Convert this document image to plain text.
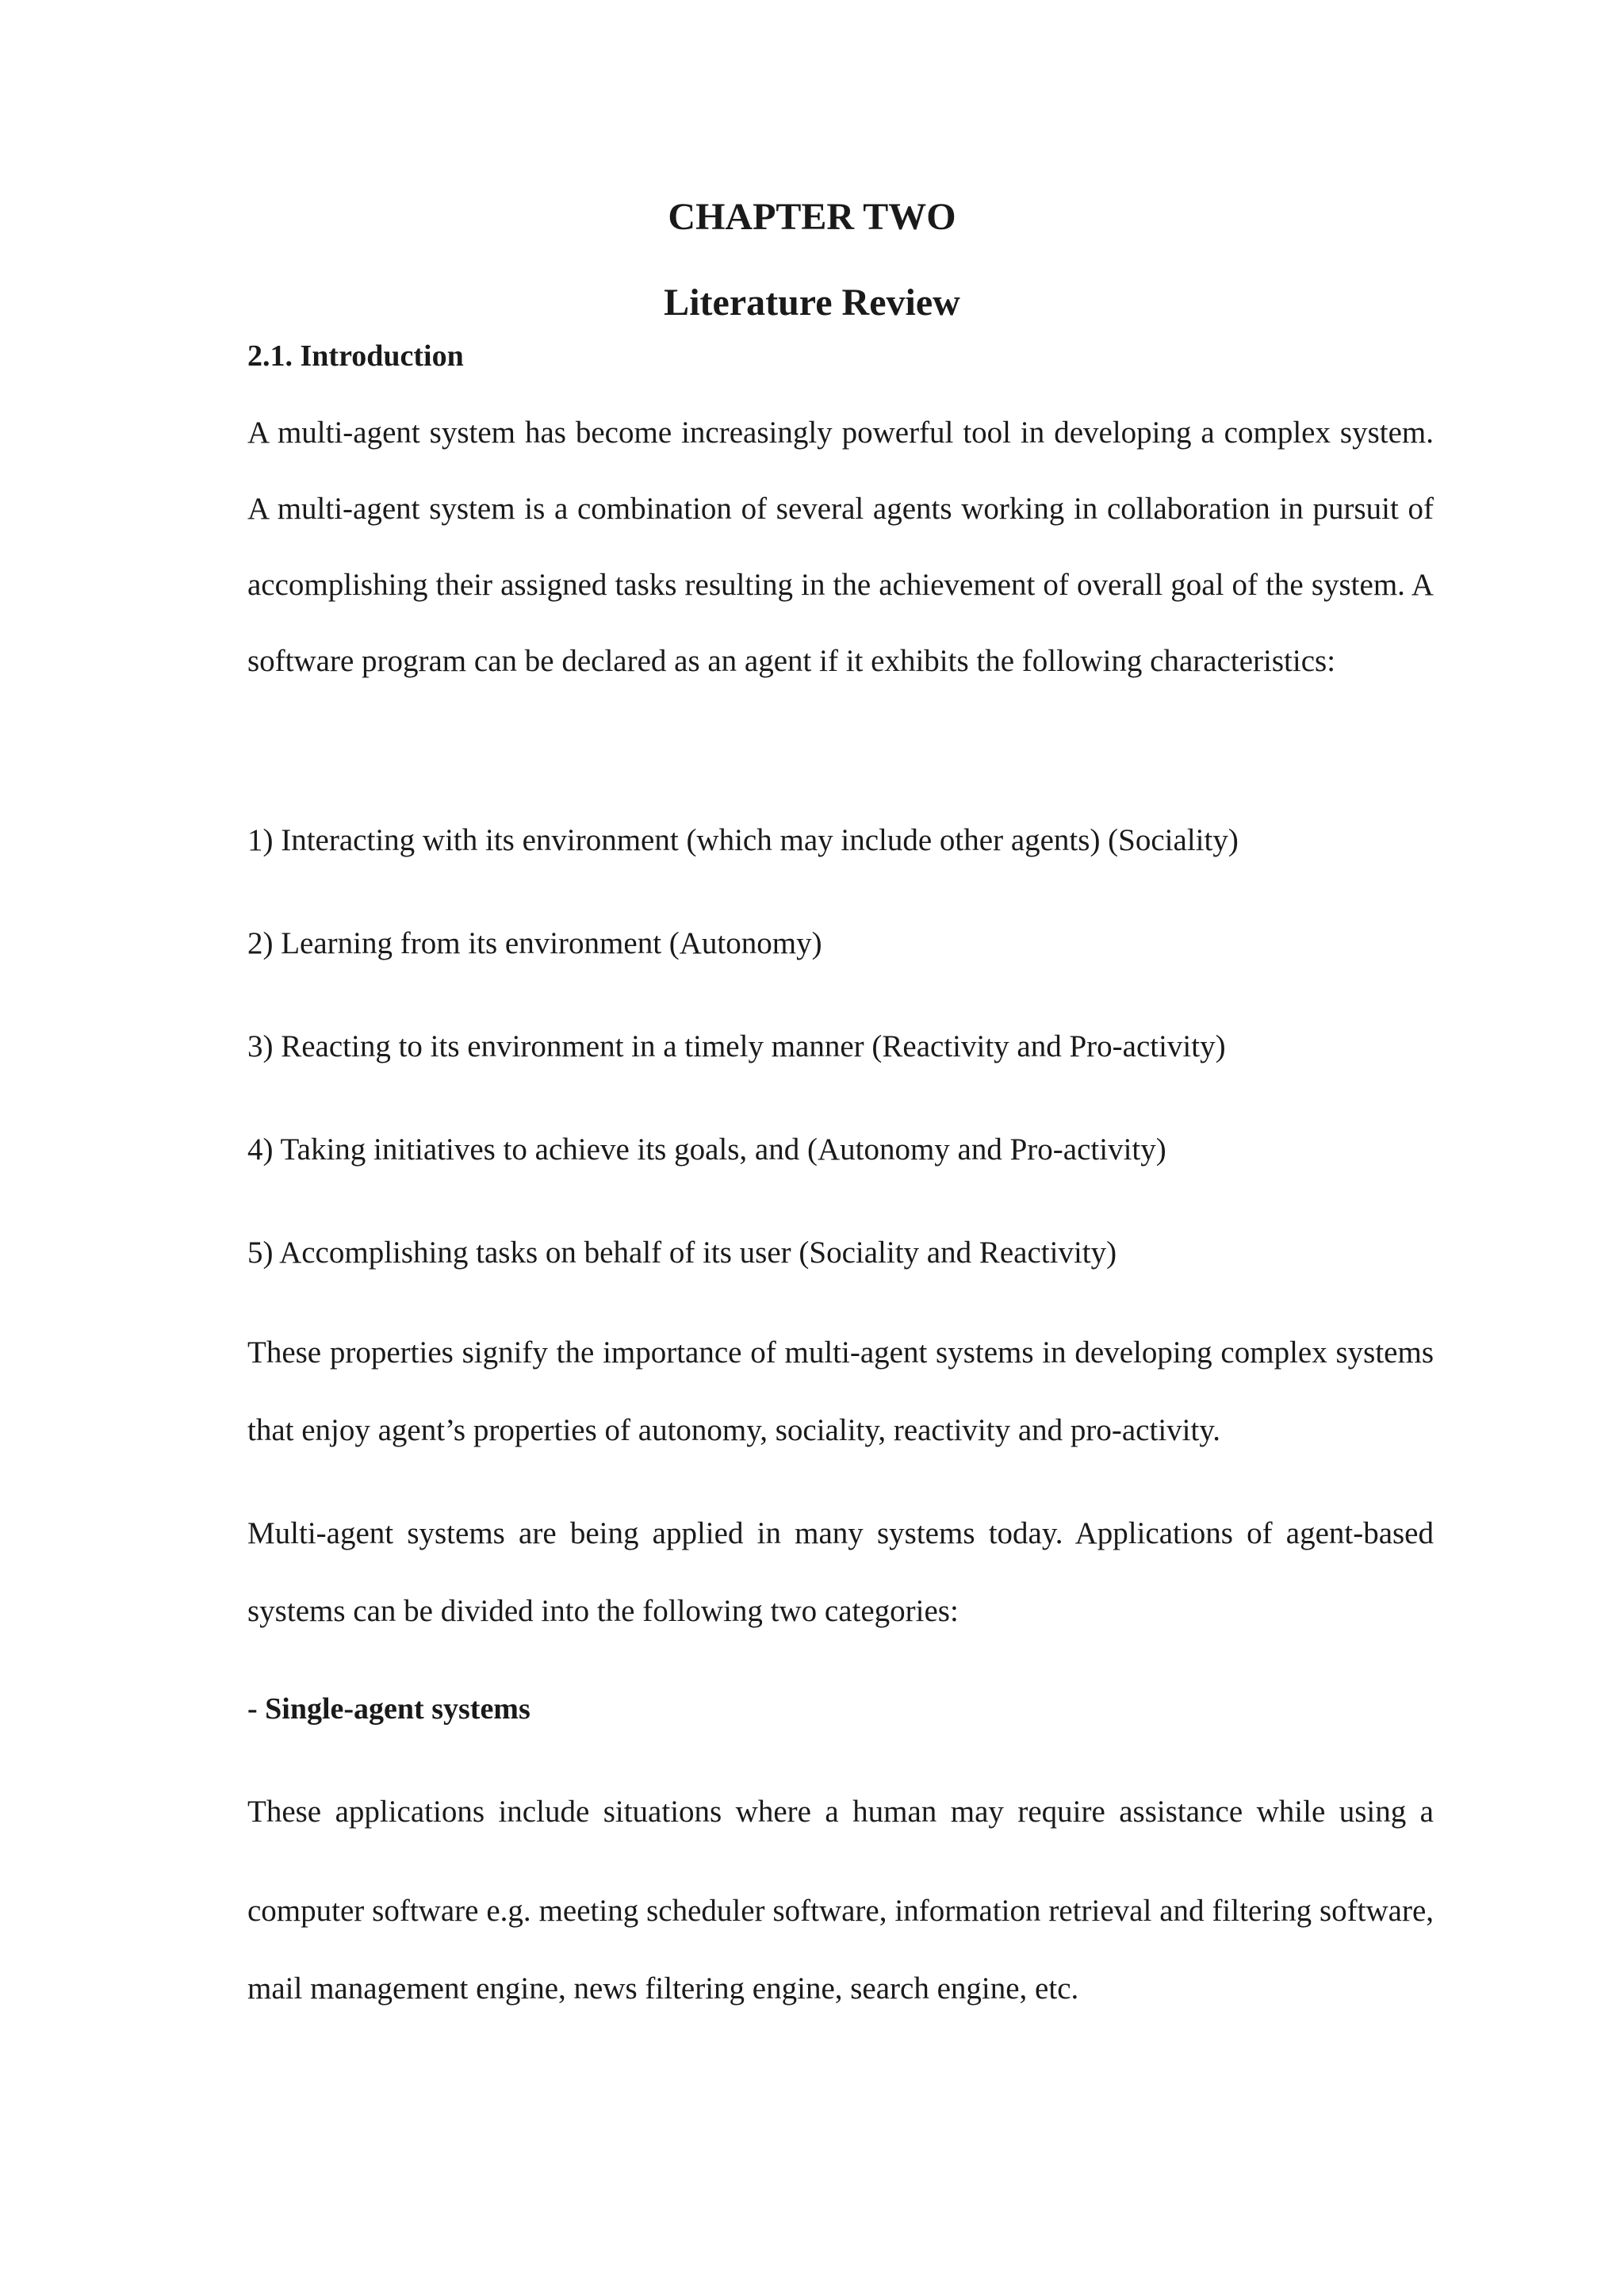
CHAPTER TWO
Literature Review
2.1. Introduction

A multi-agent system has become increasingly powerful tool in developing a complex system. A multi-agent system is a combination of several agents working in collaboration in pursuit of accomplishing their assigned tasks resulting in the achievement of overall goal of the system. A software program can be declared as an agent if it exhibits the following characteristics:

1) Interacting with its environment (which may include other agents) (Sociality)

2) Learning from its environment (Autonomy)

3) Reacting to its environment in a timely manner (Reactivity and Pro-activity)

4) Taking initiatives to achieve its goals, and (Autonomy and Pro-activity)

5) Accomplishing tasks on behalf of its user (Sociality and Reactivity)

These properties signify the importance of multi-agent systems in developing complex systems that enjoy agent’s properties of autonomy, sociality, reactivity and pro-activity.

Multi-agent systems are being applied in many systems today. Applications of agent-based systems can be divided into the following two categories:

- Single-agent systems

These applications include situations where a human may require assistance while using a

computer software e.g. meeting scheduler software, information retrieval and filtering software, mail management engine, news filtering engine, search engine, etc.
